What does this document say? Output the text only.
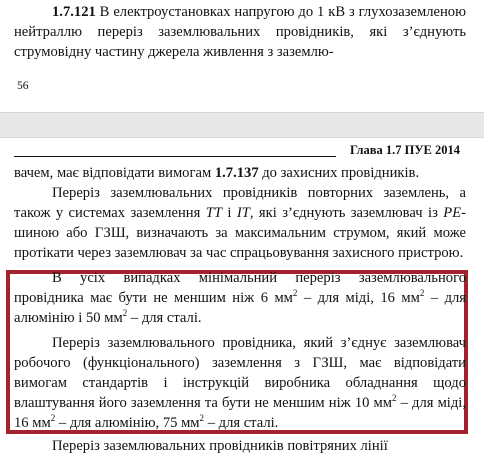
1.7.121 В електроустановках напругою до 1 кВ з глухозаземленою нейтраллю переріз заземлювальних провідників, які з’єднують струмовідну частину джерела живлення з заземлю-

56
Глава 1.7 ПУЕ 2014

вачем, має відповідати вимогам 1.7.137 до захисних провідників.
Переріз заземлювальних провідників повторних заземлень, а також у системах заземлення TT і IT, які з’єднують заземлювач із PE-шиною або ГЗШ, визначають за максимальним струмом, який може протікати через заземлювач за час спрацьовування захисного пристрою.

В усіх випадках мінімальний переріз заземлювального провідника має бути не меншим ніж 6 $мм^2$ – для міді, 16 $мм^2$ – для алюмінію і 50 $мм^2$ – для сталі.

Переріз заземлювального провідника, який з’єднує заземлювач робочого (функціонального) заземлення з ГЗШ, має відповідати вимогам стандартів і інструкцій виробника обладнання щодо влаштування його заземлення та бути не меншим ніж 10 $мм^2$ – для міді, 16 $мм^2$ – для алюмінію, 75 $мм^2$ – для сталі.

Переріз заземлювальних провідників повітряних лінії
